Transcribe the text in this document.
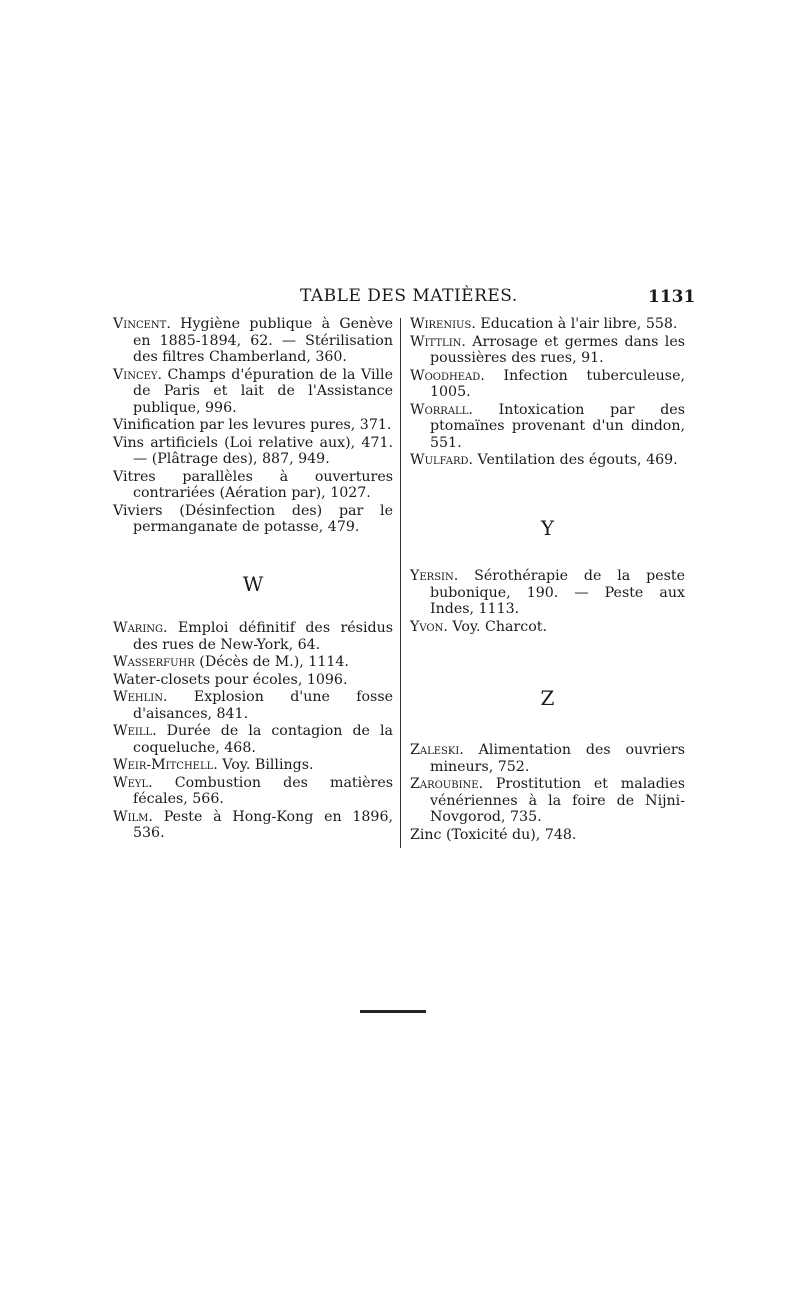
TABLE DES MATIÈRES.	1131

Vincent. Hygiène publique à Genève en 1885-1894, 62. — Stérilisation des filtres Chamberland, 360.

Vincey. Champs d'épuration de la Ville de Paris et lait de l'Assistance publique, 996.

Vinification par les levures pures, 371.

Vins artificiels (Loi relative aux), 471. — (Plâtrage des), 887, 949.

Vitres parallèles à ouvertures contrariées (Aération par), 1027.

Viviers (Désinfection des) par le permanganate de potasse, 479.

W

Waring. Emploi définitif des résidus des rues de New-York, 64.

Wasserfuhr (Décès de M.), 1114.

Water-closets pour écoles, 1096.

Wehlin. Explosion d'une fosse d'aisances, 841.

Weill. Durée de la contagion de la coqueluche, 468.

Weir-Mitchell. Voy. Billings.

Weyl. Combustion des matières fécales, 566.

Wilm. Peste à Hong-Kong en 1896, 536.

Wirenius. Education à l'air libre, 558.

Wittlin. Arrosage et germes dans les poussières des rues, 91.

Woodhead. Infection tuberculeuse, 1005.

Worrall. Intoxication par des ptomaïnes provenant d'un dindon, 551.

Wulfard. Ventilation des égouts, 469.

Y

Yersin. Sérothérapie de la peste bubonique, 190. — Peste aux Indes, 1113.

Yvon. Voy. Charcot.

Z

Zaleski. Alimentation des ouvriers mineurs, 752.

Zaroubine. Prostitution et maladies vénériennes à la foire de Nijni-Novgorod, 735.

Zinc (Toxicité du), 748.
